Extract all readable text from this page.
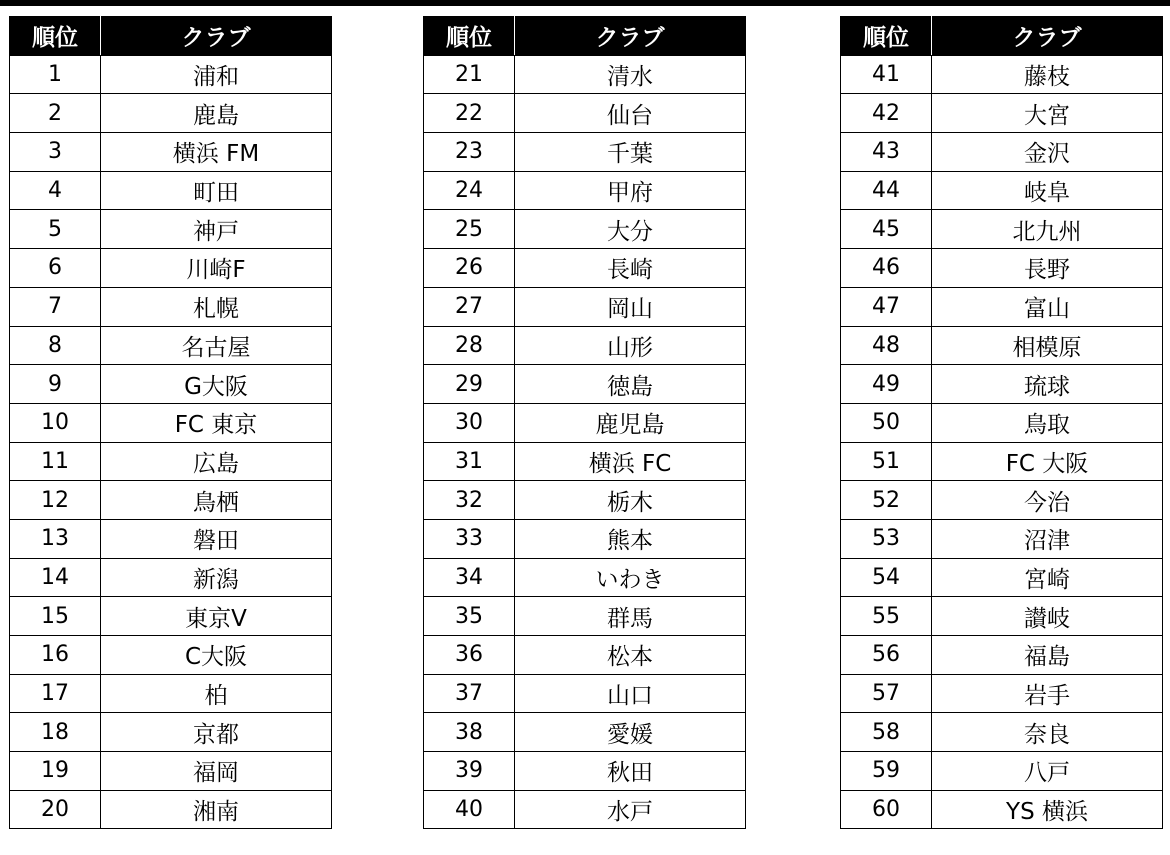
順位	クラブ
1	浦和
2	鹿島
3	横浜 FM
4	町田
5	神戸
6	川崎F
7	札幌
8	名古屋
9	G大阪
10	FC 東京
11	広島
12	鳥栖
13	磐田
14	新潟
15	東京V
16	C大阪
17	柏
18	京都
19	福岡
20	湘南
順位	クラブ
21	清水
22	仙台
23	千葉
24	甲府
25	大分
26	長崎
27	岡山
28	山形
29	徳島
30	鹿児島
31	横浜 FC
32	栃木
33	熊本
34	いわき
35	群馬
36	松本
37	山口
38	愛媛
39	秋田
40	水戸
順位	クラブ
41	藤枝
42	大宮
43	金沢
44	岐阜
45	北九州
46	長野
47	富山
48	相模原
49	琉球
50	鳥取
51	FC 大阪
52	今治
53	沼津
54	宮崎
55	讃岐
56	福島
57	岩手
58	奈良
59	八戸
60	YS 横浜
